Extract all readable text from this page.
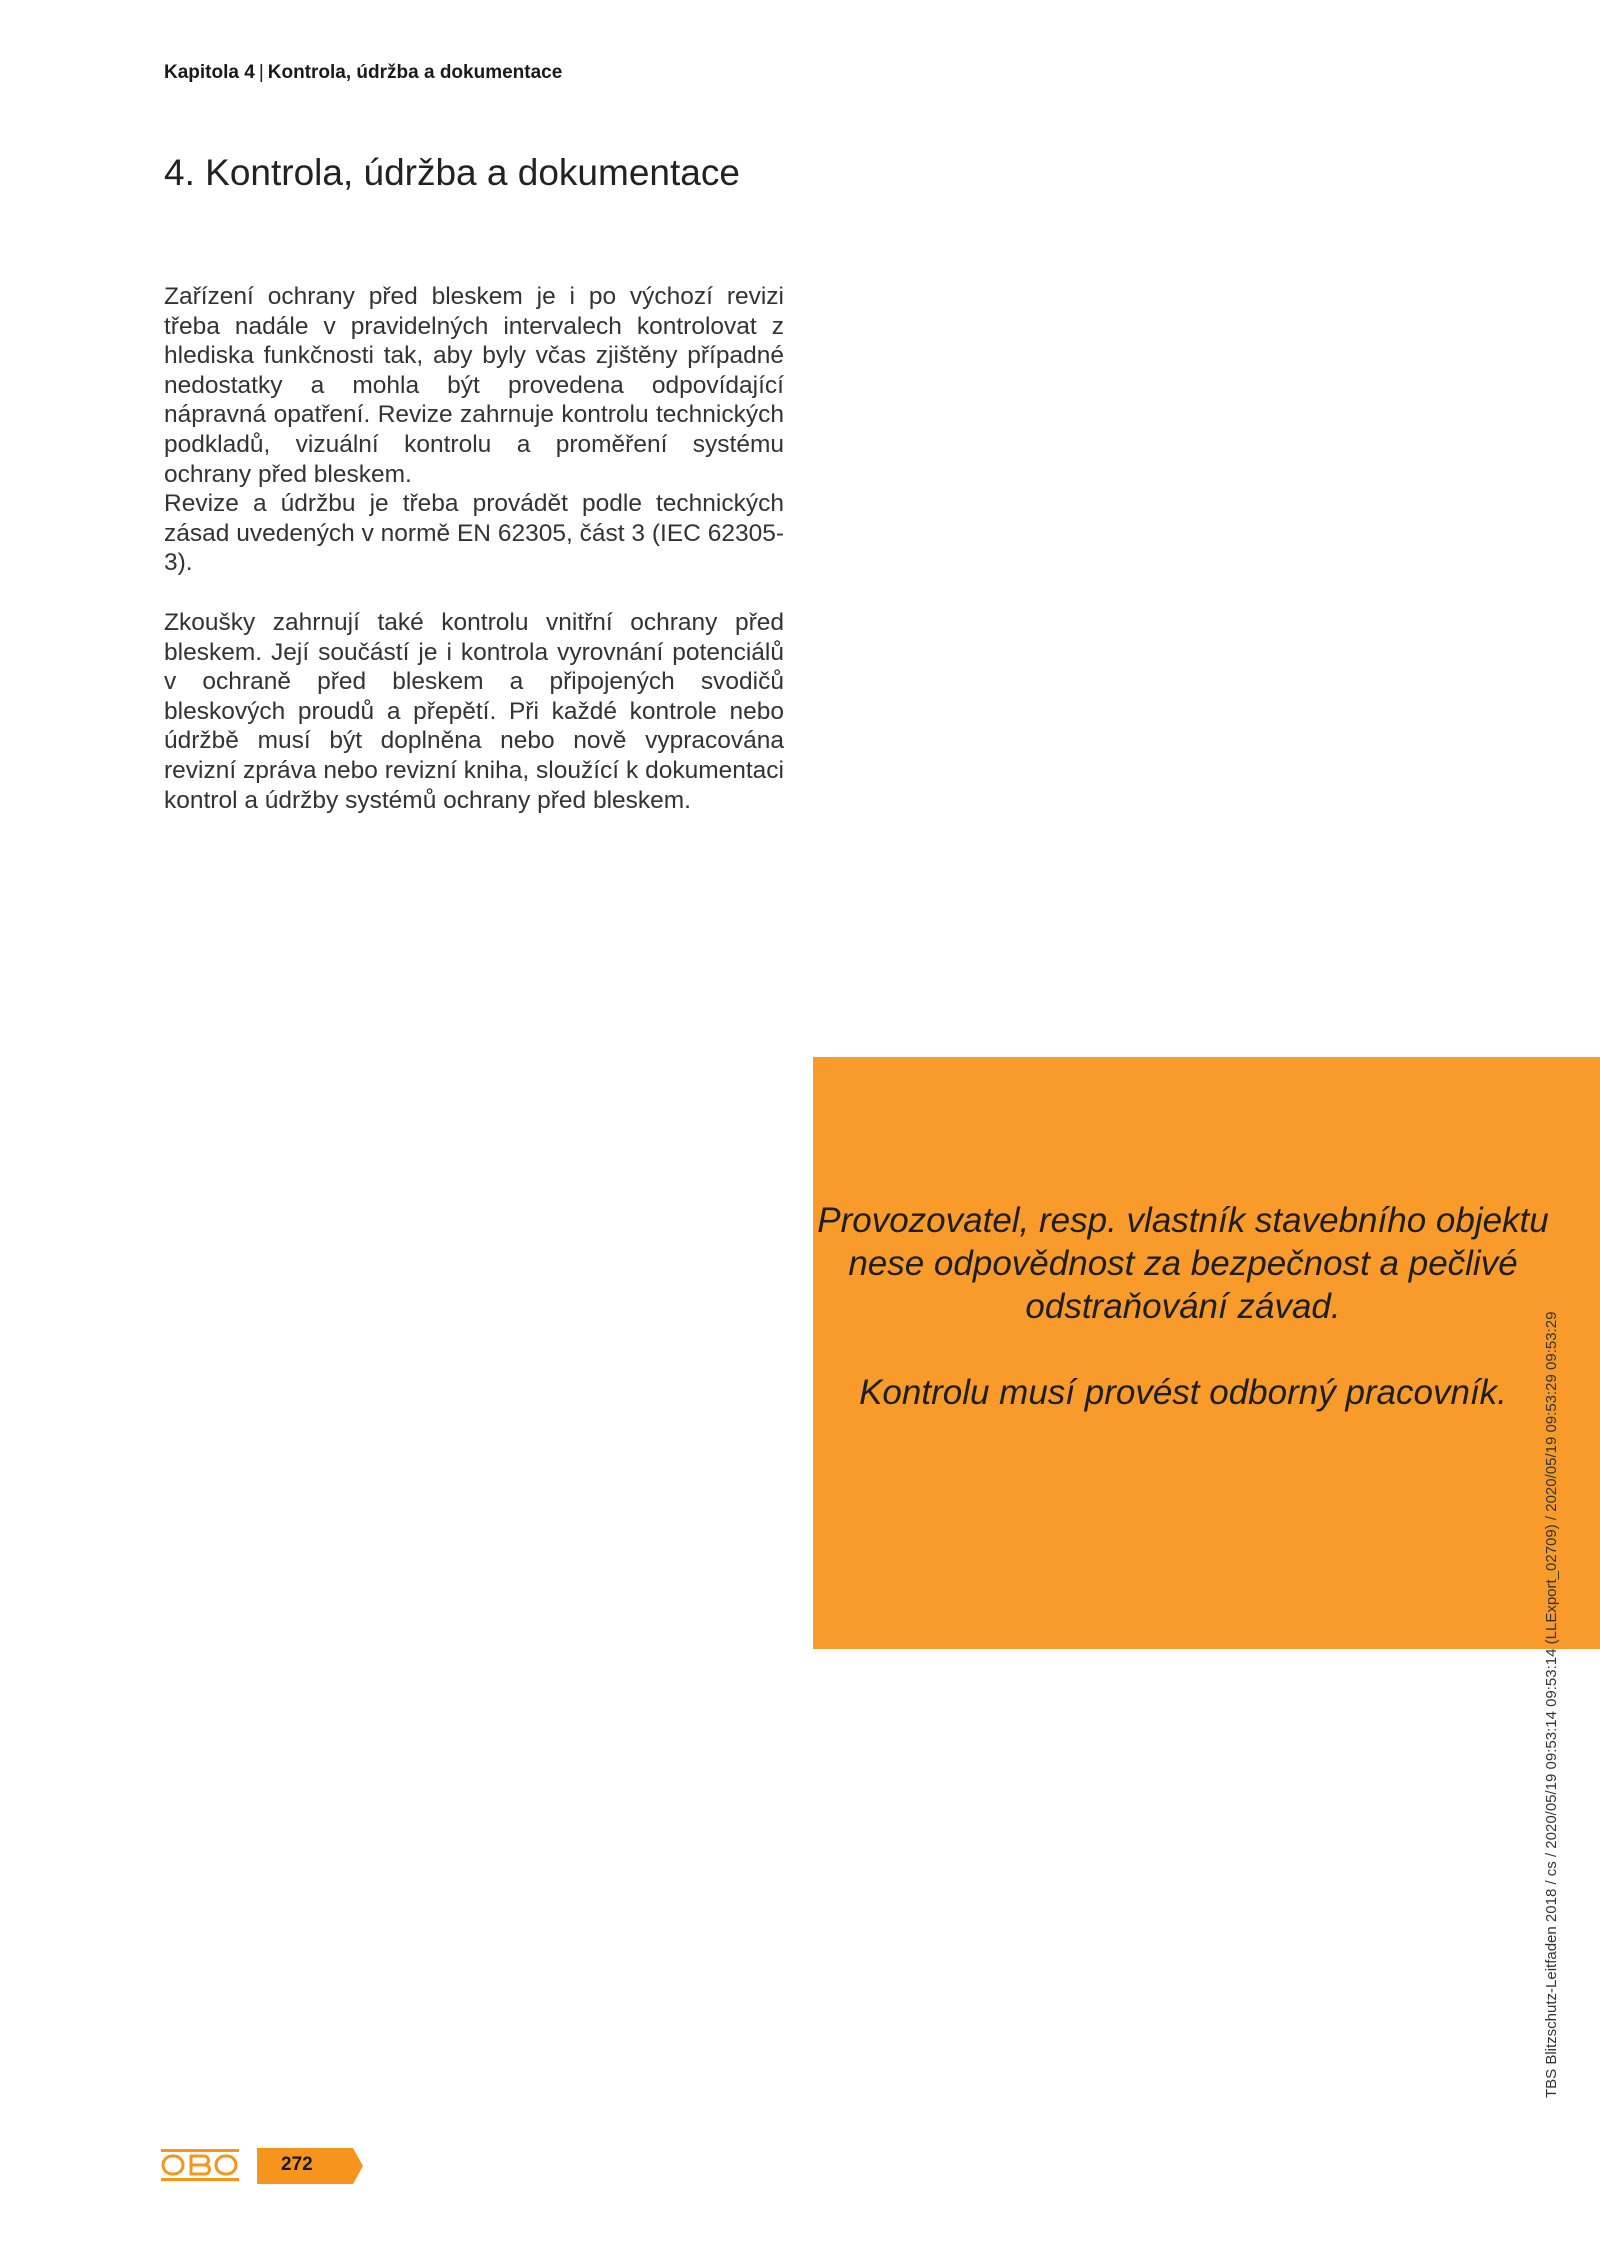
Kapitola 4 | Kontrola, údržba a dokumentace
4. Kontrola, údržba a dokumentace

Zařízení ochrany před bleskem je i po výchozí revizi třeba nadále v pravidelných intervalech kontrolovat z hlediska funkčnosti tak, aby byly včas zjištěny případné nedostatky a mohla být provedena odpovídající nápravná opatření. Revize zahrnuje kontrolu technických podkladů, vizuální kontrolu a proměření systému ochrany před bleskem.

Revize a údržbu je třeba provádět podle technických zásad uvedených v normě EN 62305, část 3 (IEC 62305-3).

Zkoušky zahrnují také kontrolu vnitřní ochrany před bleskem. Její součástí je i kontrola vyrovnání potenciálů v ochraně před bleskem a připojených svodičů bleskových proudů a přepětí. Při každé kontrole nebo údržbě musí být doplněna nebo nově vypracována revizní zpráva nebo revizní kniha, sloužící k dokumentaci kontrol a údržby systémů ochrany před bleskem.

Provozovatel, resp. vlastník stavebního objektu nese odpovědnost za bezpečnost a pečlivé odstraňování závad.

Kontrolu musí provést odborný pracovník.	TBS Blitzschutz-Leitfaden 2018 / cs / 2020/05/19 09:53:14 09:53:14 (LLExport_02709) / 2020/05/19 09:53:29 09:53:29
272
